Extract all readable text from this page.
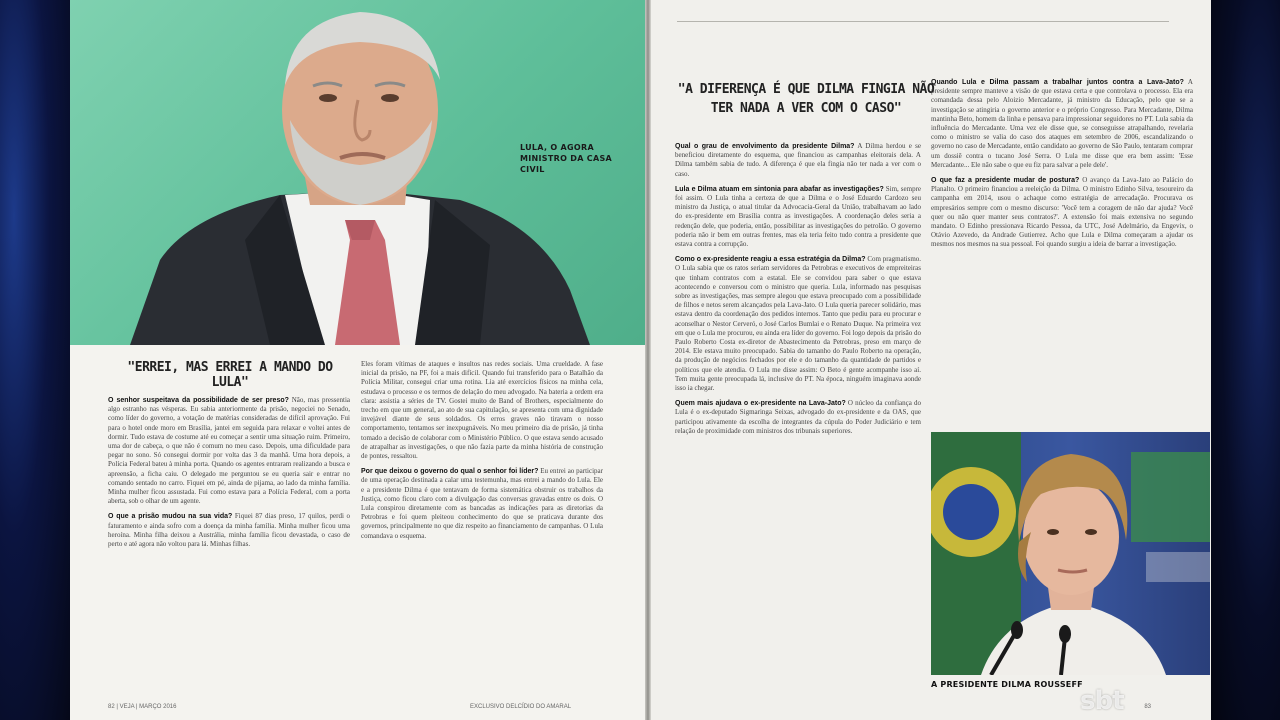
LULA, O AGORA MINISTRO DA CASA CIVIL
"ERREI, MAS ERREI A MANDO DO LULA"

O senhor suspeitava da possibilidade de ser preso? Não, mas pressentia algo estranho nas vésperas. Eu sabia anteriormente da prisão, negociei no Senado, como líder do governo, a votação de matérias consideradas de difícil aprovação. Fui para o hotel onde moro em Brasília, jantei em seguida para relaxar e voltei antes de dormir. Tudo estava de costume até eu começar a sentir uma situação ruim. Primeiro, uma dor de cabeça, o que não é comum no meu caso. Depois, uma dificuldade para pegar no sono. Só consegui dormir por volta das 3 da manhã. Uma hora depois, a Polícia Federal bateu à minha porta. Quando os agentes entraram realizando a busca e apreensão, a ficha caiu. O delegado me perguntou se eu queria sair e entrar no comando sentado no carro. Fiquei em pé, ainda de pijama, ao lado da minha família. Minha mulher ficou assustada. Fui como estava para a Polícia Federal, com a porta aberta, sob o olhar de um agente.

O que a prisão mudou na sua vida? Fiquei 87 dias preso, 17 quilos, perdi o faturamento e ainda sofro com a doença da minha família. Minha mulher ficou uma heroína. Minha filha deixou a Austrália, minha família ficou devastada, o caso de perto e até agora não voltou para lá. Minhas filhas.

Eles foram vítimas de ataques e insultos nas redes sociais. Uma crueldade. A fase inicial da prisão, na PF, foi a mais difícil. Quando fui transferido para o Batalhão da Polícia Militar, consegui criar uma rotina. Lia até exercícios físicos na minha cela, estudava o processo e os termos de delação do meu advogado. Na bateria a ordem era clara: assistia a séries de TV. Gostei muito de Band of Brothers, especialmente do trecho em que um general, ao ato de sua capitulação, se apresenta com uma dignidade invejável diante de seus soldados. Os erros graves não tiravam o nosso comportamento, tentamos ser inexpugnáveis. No meu primeiro dia de prisão, já tinha tomado a decisão de colaborar com o Ministério Público. O que estava sendo acusado de atrapalhar as investigações, o que não fazia parte da minha história de construção de pontes, ressaltou.

Por que deixou o governo do qual o senhor foi líder? Eu entrei ao participar de uma operação destinada a calar uma testemunha, mas entrei a mando do Lula. Ele e a presidente Dilma é que tentavam de forma sistemática obstruir os trabalhos da Justiça, como ficou claro com a divulgação das conversas gravadas entre os dois. O Lula conspirou diretamente com as bancadas as indicações para as diretorias da Petrobras e foi quem pleiteou conhecimento do que se praticava durante dos governos, principalmente no que diz respeito ao financiamento de campanhas. O Lula comandava o esquema.

82 | VEJA | MARÇO 2016	EXCLUSIVO DELCÍDIO DO AMARAL
"A DIFERENÇA É QUE DILMA FINGIA NÃO TER NADA A VER COM O CASO"

Qual o grau de envolvimento da presidente Dilma? A Dilma herdou e se beneficiou diretamente do esquema, que financiou as campanhas eleitorais dela. A Dilma também sabia de tudo. A diferença é que ela fingia não ter nada a ver com o caso.

Lula e Dilma atuam em sintonia para abafar as investigações? Sim, sempre foi assim. O Lula tinha a certeza de que a Dilma e o José Eduardo Cardozo seu ministro da Justiça, o atual titular da Advocacia-Geral da União, trabalhavam ao lado do ex-presidente em Brasília contra as investigações. A coordenação deles seria a redenção dele, que poderia, então, possibilitar as investigações do petrolão. O governo poderia não ir bem em outras frentes, mas ela teria feito tudo contra a presidente que estava contra a corrupção.

Como o ex-presidente reagiu a essa estratégia da Dilma? Com pragmatismo. O Lula sabia que os ratos seriam servidores da Petrobras e executivos de empreiteiras que tinham contratos com a estatal. Ele se convidou para saber o que estava acontecendo e conversou com o ministro que queria. Lula, informado nas pesquisas sobre as investigações, mas sempre alegou que estava preocupado com a possibilidade de filhos e netos serem alcançados pela Lava-Jato. O Lula queria parecer solidário, mas estava dentro da coordenação dos pedidos internos. Tanto que pediu para eu procurar e aconselhar o Nestor Cerveró, o José Carlos Bumlai e o Renato Duque. Na primeira vez em que o Lula me procurou, eu ainda era líder do governo. Foi logo depois da prisão do Paulo Roberto Costa ex-diretor de Abastecimento da Petrobras, preso em março de 2014. Ele estava muito preocupado. Sabia do tamanho do Paulo Roberto na operação, da produção de negócios fechados por ele e do tamanho da quantidade de partidos e políticos que ele atendia. O Lula me disse assim: O Beto é gente acompanhe isso aí. Tem muita gente preocupada lá, inclusive do PT. Na época, ninguém imaginava aonde isso ia chegar.

Quem mais ajudava o ex-presidente na Lava-Jato? O núcleo da confiança do Lula é o ex-deputado Sigmaringa Seixas, advogado do ex-presidente e da OAS, que participou ativamente da escolha de integrantes da cúpula do Poder Judiciário e tem relação de proximidade com ministros dos tribunais superiores.

Quando Lula e Dilma passam a trabalhar juntos contra a Lava-Jato? A presidente sempre manteve a visão de que estava certa e que controlava o processo. Ela era comandada dessa pelo Aloizio Mercadante, já ministro da Educação, pelo que se a investigação se atingiria o governo anterior e o próprio Congresso. Para Mercadante, Dilma mantinha Beto, homem da linha e pensava para impressionar seguidores no PT. Lula sabia da influência do Mercadante. Uma vez ele disse que, se conseguisse atrapalhando, revelaria como o ministro se valia do caso dos ataques em setembro de 2006, escandalizando o governo no caso de Mercadante, então candidato ao governo de São Paulo, tentaram comprar um dossiê contra o tucano José Serra. O Lula me disse que era bem assim: 'Esse Mercadante... Ele não sabe o que eu fiz para salvar a pele dele'.

O que faz a presidente mudar de postura? O avanço da Lava-Jato ao Palácio do Planalto. O primeiro financiou a reeleição da Dilma. O ministro Edinho Silva, tesoureiro da campanha em 2014, usou o achaque como estratégia de arrecadação. Procurava os empresários sempre com o mesmo discurso: 'Você tem a coragem de não dar ajuda? Você quer ou não quer manter seus contratos?'. A extensão foi mais extensiva no segundo mandato. O Edinho pressionava Ricardo Pessoa, da UTC, José Adelmário, da Engevix, o Otávio Azevedo, da Andrade Gutierrez. Acho que Lula e Dilma começaram a ajudar os mesmos nos mesmos na sua pessoal. Foi quando surgiu a ideia de barrar a investigação.

A PRESIDENTE DILMA ROUSSEFF
83
sbt
